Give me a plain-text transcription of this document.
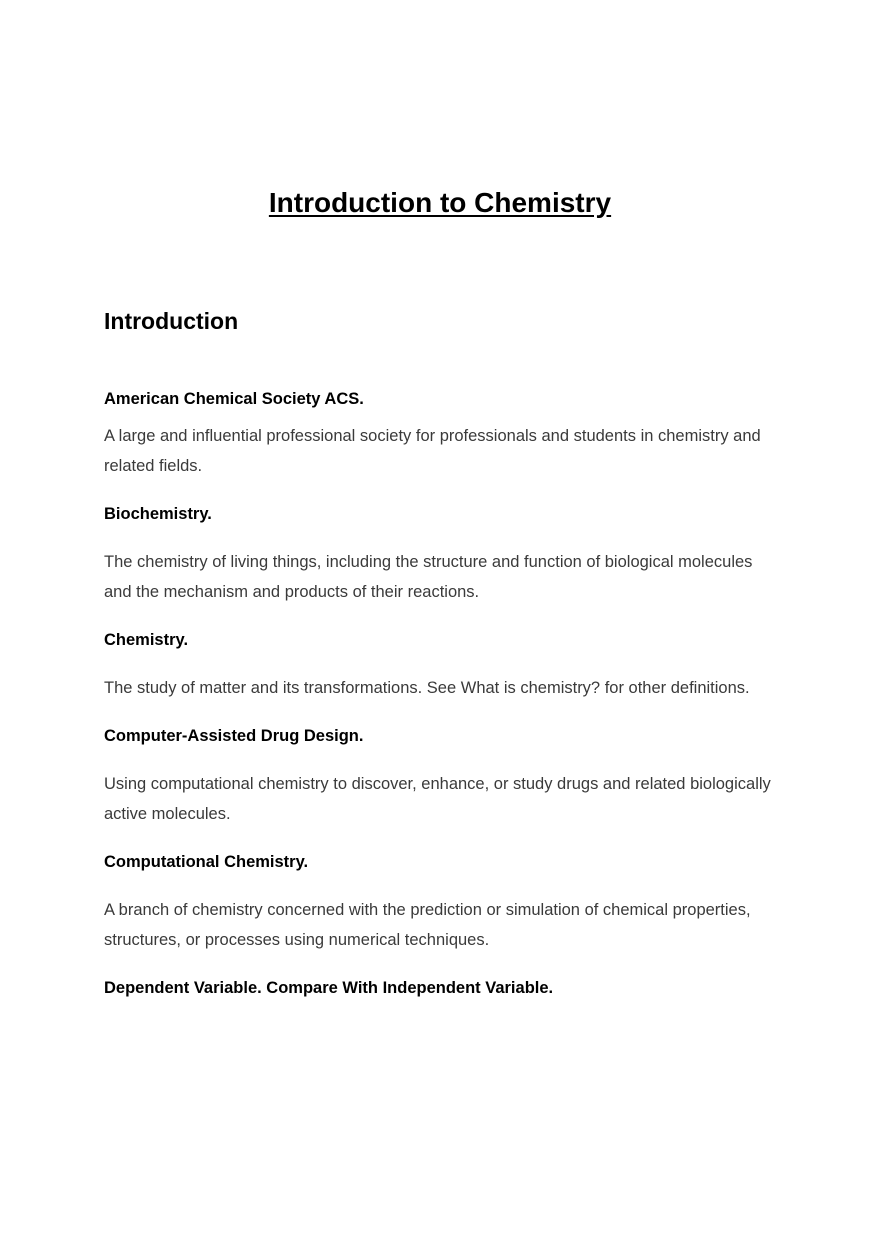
Introduction to Chemistry
Introduction

American Chemical Society ACS.

A large and influential professional society for professionals and students in chemistry and related fields.

Biochemistry.

The chemistry of living things, including the structure and function of biological molecules and the mechanism and products of their reactions.

Chemistry.

The study of matter and its transformations. See What is chemistry? for other definitions.

Computer-Assisted Drug Design.

Using computational chemistry to discover, enhance, or study drugs and related biologically active molecules.

Computational Chemistry.

A branch of chemistry concerned with the prediction or simulation of chemical properties, structures, or processes using numerical techniques.

Dependent Variable. Compare With Independent Variable.
